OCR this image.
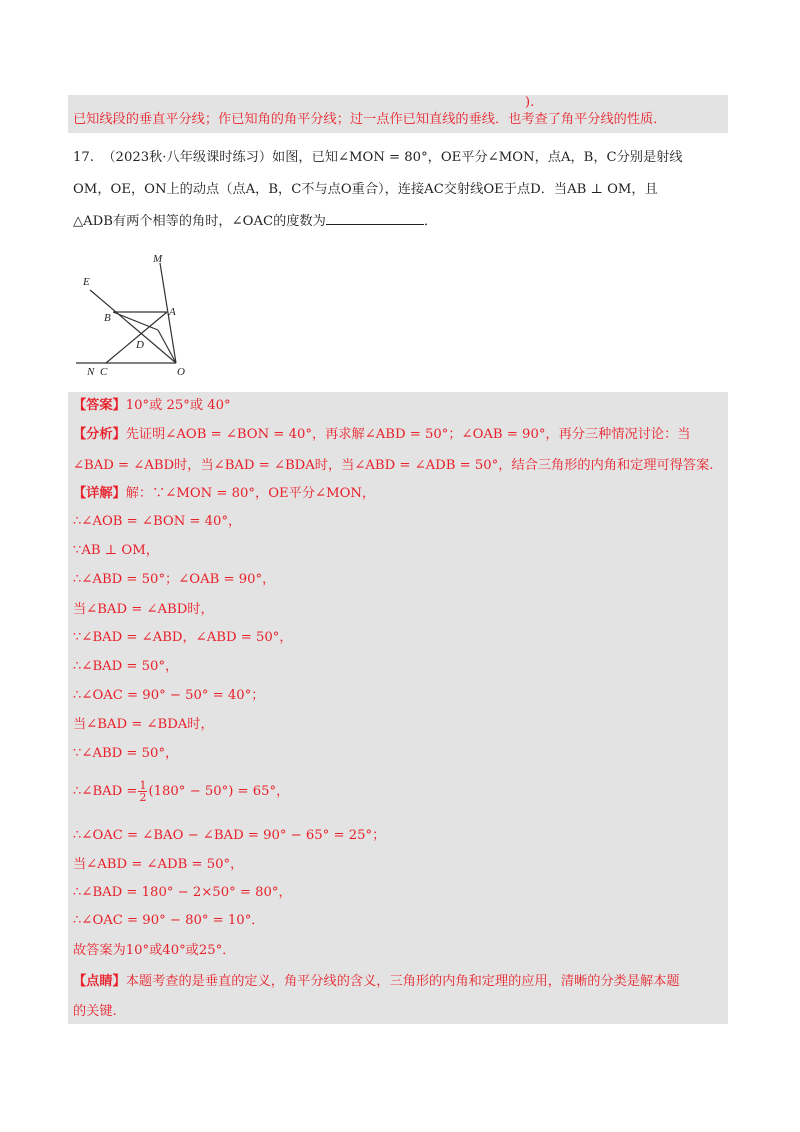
).
已知线段的垂直平分线；作已知角的角平分线；过一点作已知直线的垂线．也考查了角平分线的性质．
17. （2023秋·八年级课时练习）如图，已知∠MON = 80°，OE平分∠MON，点A，B，C分别是射线
OM，OE，ON上的动点（点A，B，C不与点O重合），连接AC交射线OE于点D．当AB ⊥ OM，且
△ADB有两个相等的角时，∠OAC的度数为	．
E
M
B	A
D
N C	O
【答案】10°或 25°或 40°
【分析】先证明∠AOB = ∠BON = 40°，再求解∠ABD = 50°；∠OAB = 90°，再分三种情况讨论：当
∠BAD = ∠ABD时，当∠BAD = ∠BDA时，当∠ABD = ∠ADB = 50°，结合三角形的内角和定理可得答案.
【详解】解：∵∠MON = 80°，OE平分∠MON，
∴∠AOB = ∠BON = 40°，
∵AB ⊥ OM，
∴∠ABD = 50°；∠OAB = 90°，
当∠BAD = ∠ABD时，
∵∠BAD = ∠ABD，∠ABD = 50°，
∴∠BAD = 50°，
∴∠OAC = 90° − 50° = 40°；
当∠BAD = ∠BDA时，
∵∠ABD = 50°，
∴∠BAD = $\frac{1}{2} (180^\circ - 50^\circ) = 65^\circ$，
∴∠OAC = ∠BAO − ∠BAD = 90° − 65° = 25°；
当∠ABD = ∠ADB = 50°，
∴∠BAD = 180° − 2×50° = 80°，
∴∠OAC = 90° − 80° = 10°．
故答案为10°或40°或25°．
【点睛】本题考查的是垂直的定义，角平分线的含义，三角形的内角和定理的应用，清晰的分类是解本题
的关键.
